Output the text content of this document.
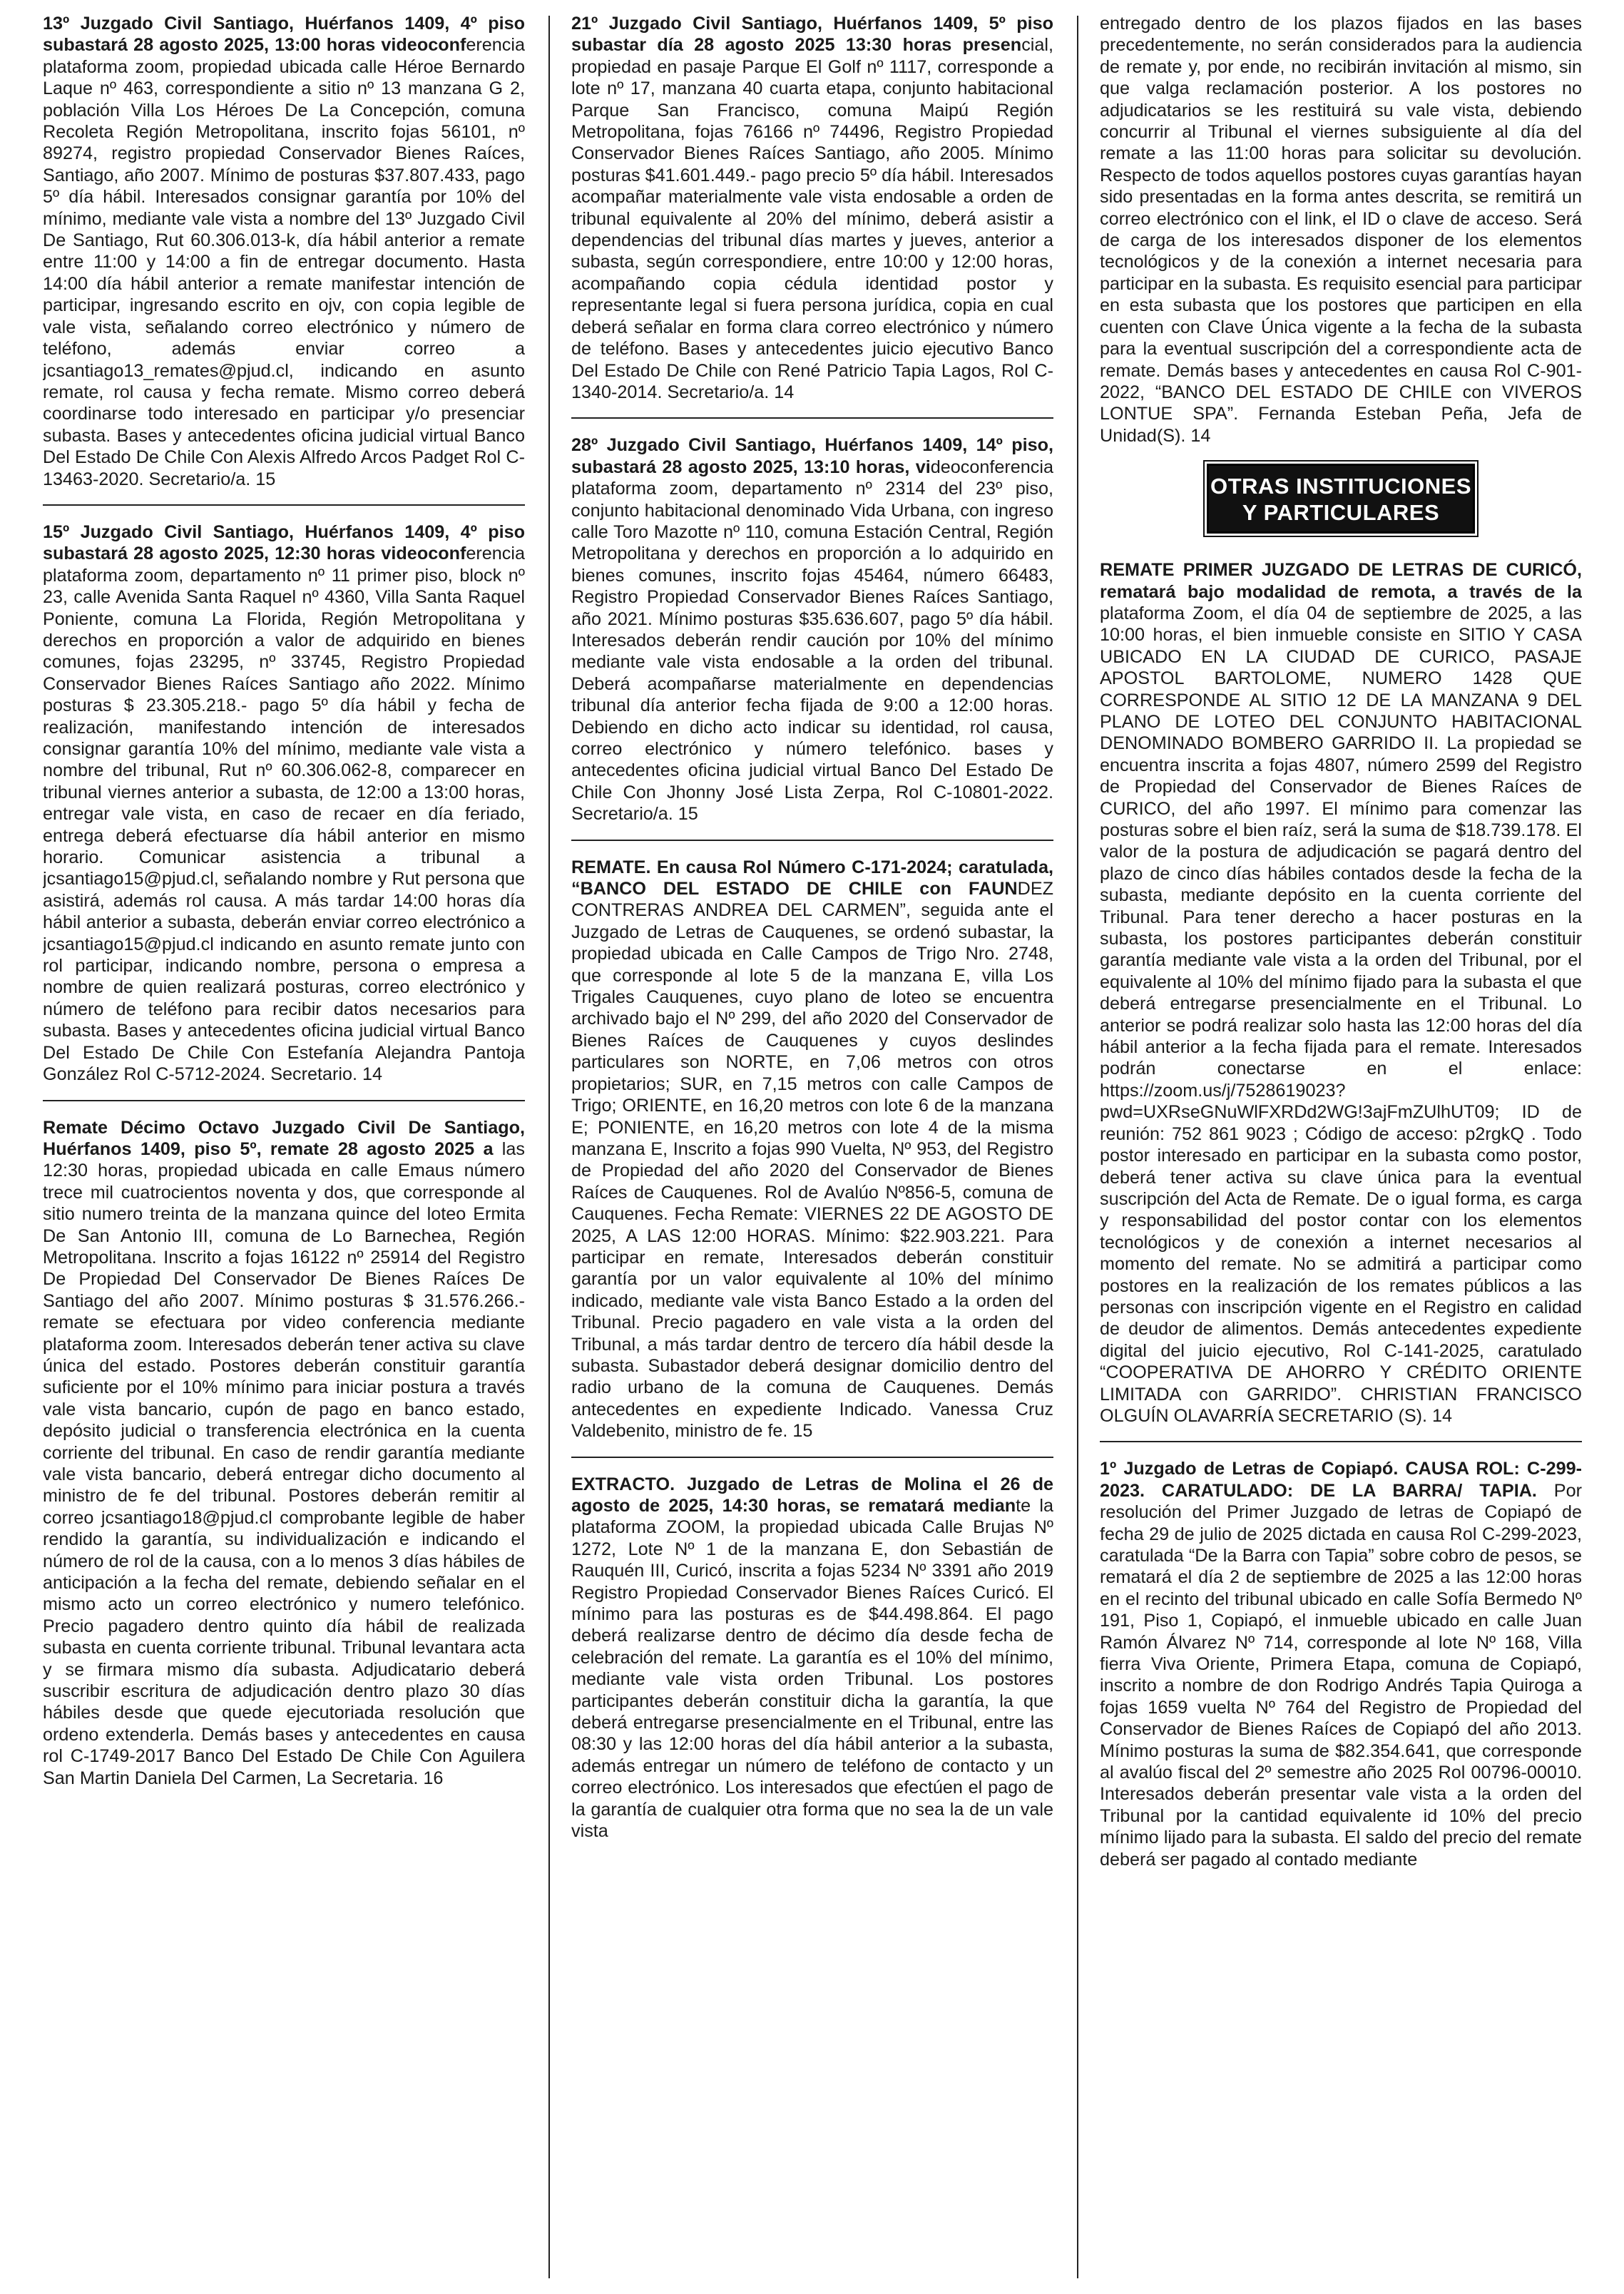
13º Juzgado Civil Santiago, Huérfanos 1409, 4º piso subastará 28 agosto 2025, 13:00 horas videoconferencia plataforma zoom, propiedad ubicada calle Héroe Bernardo Laque nº 463, correspondiente a sitio nº 13 manzana G 2, población Villa Los Héroes De La Concepción, comuna Recoleta Región Metropolitana, inscrito fojas 56101, nº 89274, registro propiedad Conservador Bienes Raíces, Santiago, año 2007. Mínimo de posturas $37.807.433, pago 5º día hábil. Interesados consignar garantía por 10% del mínimo, mediante vale vista a nombre del 13º Juzgado Civil De Santiago, Rut 60.306.013-k, día hábil anterior a remate entre 11:00 y 14:00 a fin de entregar documento. Hasta 14:00 día hábil anterior a remate manifestar intención de participar, ingresando escrito en ojv, con copia legible de vale vista, señalando correo electrónico y número de teléfono, además enviar correo a jcsantiago13_remates@pjud.cl, indicando en asunto remate, rol causa y fecha remate. Mismo correo deberá coordinarse todo interesado en participar y/o presenciar subasta. Bases y antecedentes oficina judicial virtual Banco Del Estado De Chile Con Alexis Alfredo Arcos Padget Rol C-13463-2020. Secretario/a. 15

15º Juzgado Civil Santiago, Huérfanos 1409, 4º piso subastará 28 agosto 2025, 12:30 horas videoconferencia plataforma zoom, departamento nº 11 primer piso, block nº 23, calle Avenida Santa Raquel nº 4360, Villa Santa Raquel Poniente, comuna La Florida, Región Metropolitana y derechos en proporción a valor de adquirido en bienes comunes, fojas 23295, nº 33745, Registro Propiedad Conservador Bienes Raíces Santiago año 2022. Mínimo posturas $ 23.305.218.- pago 5º día hábil y fecha de realización, manifestando intención de interesados consignar garantía 10% del mínimo, mediante vale vista a nombre del tribunal, Rut nº 60.306.062-8, comparecer en tribunal viernes anterior a subasta, de 12:00 a 13:00 horas, entregar vale vista, en caso de recaer en día feriado, entrega deberá efectuarse día hábil anterior en mismo horario. Comunicar asistencia a tribunal a jcsantiago15@pjud.cl, señalando nombre y Rut persona que asistirá, además rol causa. A más tardar 14:00 horas día hábil anterior a subasta, deberán enviar correo electrónico a jcsantiago15@pjud.cl indicando en asunto remate junto con rol participar, indicando nombre, persona o empresa a nombre de quien realizará posturas, correo electrónico y número de teléfono para recibir datos necesarios para subasta. Bases y antecedentes oficina judicial virtual Banco Del Estado De Chile Con Estefanía Alejandra Pantoja González Rol C-5712-2024. Secretario. 14

Remate Décimo Octavo Juzgado Civil De Santiago, Huérfanos 1409, piso 5º, remate 28 agosto 2025 a las 12:30 horas, propiedad ubicada en calle Emaus número trece mil cuatrocientos noventa y dos, que corresponde al sitio numero treinta de la manzana quince del loteo Ermita De San Antonio III, comuna de Lo Barnechea, Región Metropolitana. Inscrito a fojas 16122 nº 25914 del Registro De Propiedad Del Conservador De Bienes Raíces De Santiago del año 2007. Mínimo posturas $ 31.576.266.- remate se efectuara por video conferencia mediante plataforma zoom. Interesados deberán tener activa su clave única del estado. Postores deberán constituir garantía suficiente por el 10% mínimo para iniciar postura a través vale vista bancario, cupón de pago en banco estado, depósito judicial o transferencia electrónica en la cuenta corriente del tribunal. En caso de rendir garantía mediante vale vista bancario, deberá entregar dicho documento al ministro de fe del tribunal. Postores deberán remitir al correo jcsantiago18@pjud.cl comprobante legible de haber rendido la garantía, su individualización e indicando el número de rol de la causa, con a lo menos 3 días hábiles de anticipación a la fecha del remate, debiendo señalar en el mismo acto un correo electrónico y numero telefónico. Precio pagadero dentro quinto día hábil de realizada subasta en cuenta corriente tribunal. Tribunal levantara acta y se firmara mismo día subasta. Adjudicatario deberá suscribir escritura de adjudicación dentro plazo 30 días hábiles desde que quede ejecutoriada resolución que ordeno extenderla. Demás bases y antecedentes en causa rol C-1749-2017 Banco Del Estado De Chile Con Aguilera San Martin Daniela Del Carmen, La Secretaria. 16

21º Juzgado Civil Santiago, Huérfanos 1409, 5º piso subastar día 28 agosto 2025 13:30 horas presencial, propiedad en pasaje Parque El Golf nº 1117, corresponde a lote nº 17, manzana 40 cuarta etapa, conjunto habitacional Parque San Francisco, comuna Maipú Región Metropolitana, fojas 76166 nº 74496, Registro Propiedad Conservador Bienes Raíces Santiago, año 2005. Mínimo posturas $41.601.449.- pago precio 5º día hábil. Interesados acompañar materialmente vale vista endosable a orden de tribunal equivalente al 20% del mínimo, deberá asistir a dependencias del tribunal días martes y jueves, anterior a subasta, según correspondiere, entre 10:00 y 12:00 horas, acompañando copia cédula identidad postor y representante legal si fuera persona jurídica, copia en cual deberá señalar en forma clara correo electrónico y número de teléfono. Bases y antecedentes juicio ejecutivo Banco Del Estado De Chile con René Patricio Tapia Lagos, Rol C-1340-2014. Secretario/a. 14

28º Juzgado Civil Santiago, Huérfanos 1409, 14º piso, subastará 28 agosto 2025, 13:10 horas, videoconferencia plataforma zoom, departamento nº 2314 del 23º piso, conjunto habitacional denominado Vida Urbana, con ingreso calle Toro Mazotte nº 110, comuna Estación Central, Región Metropolitana y derechos en proporción a lo adquirido en bienes comunes, inscrito fojas 45464, número 66483, Registro Propiedad Conservador Bienes Raíces Santiago, año 2021. Mínimo posturas $35.636.607, pago 5º día hábil. Interesados deberán rendir caución por 10% del mínimo mediante vale vista endosable a la orden del tribunal. Deberá acompañarse materialmente en dependencias tribunal día anterior fecha fijada de 9:00 a 12:00 horas. Debiendo en dicho acto indicar su identidad, rol causa, correo electrónico y número telefónico. bases y antecedentes oficina judicial virtual Banco Del Estado De Chile Con Jhonny José Lista Zerpa, Rol C-10801-2022. Secretario/a. 15

REMATE. En causa Rol Número C-171-2024; caratulada, “BANCO DEL ESTADO DE CHILE con FAUNDEZ CONTRERAS ANDREA DEL CARMEN”, seguida ante el Juzgado de Letras de Cauquenes, se ordenó subastar, la propiedad ubicada en Calle Campos de Trigo Nro. 2748, que corresponde al lote 5 de la manzana E, villa Los Trigales Cauquenes, cuyo plano de loteo se encuentra archivado bajo el Nº 299, del año 2020 del Conservador de Bienes Raíces de Cauquenes y cuyos deslindes particulares son NORTE, en 7,06 metros con otros propietarios; SUR, en 7,15 metros con calle Campos de Trigo; ORIENTE, en 16,20 metros con lote 6 de la manzana E; PONIENTE, en 16,20 metros con lote 4 de la misma manzana E, Inscrito a fojas 990 Vuelta, Nº 953, del Registro de Propiedad del año 2020 del Conservador de Bienes Raíces de Cauquenes. Rol de Avalúo Nº856-5, comuna de Cauquenes. Fecha Remate: VIERNES 22 DE AGOSTO DE 2025, A LAS 12:00 HORAS. Mínimo: $22.903.221. Para participar en remate, Interesados deberán constituir garantía por un valor equivalente al 10% del mínimo indicado, mediante vale vista Banco Estado a la orden del Tribunal. Precio pagadero en vale vista a la orden del Tribunal, a más tardar dentro de tercero día hábil desde la subasta. Subastador deberá designar domicilio dentro del radio urbano de la comuna de Cauquenes. Demás antecedentes en expediente Indicado. Vanessa Cruz Valdebenito, ministro de fe. 15

EXTRACTO. Juzgado de Letras de Molina el 26 de agosto de 2025, 14:30 horas, se rematará mediante la plataforma ZOOM, la propiedad ubicada Calle Brujas Nº 1272, Lote Nº 1 de la manzana E, don Sebastián de Rauquén III, Curicó, inscrita a fojas 5234 Nº 3391 año 2019 Registro Propiedad Conservador Bienes Raíces Curicó. El mínimo para las posturas es de $44.498.864. El pago deberá realizarse dentro de décimo día desde fecha de celebración del remate. La garantía es el 10% del mínimo, mediante vale vista orden Tribunal. Los postores participantes deberán constituir dicha la garantía, la que deberá entregarse presencialmente en el Tribunal, entre las 08:30 y las 12:00 horas del día hábil anterior a la subasta, además entregar un número de teléfono de contacto y un correo electrónico. Los interesados que efectúen el pago de la garantía de cualquier otra forma que no sea la de un vale vista

entregado dentro de los plazos fijados en las bases precedentemente, no serán considerados para la audiencia de remate y, por ende, no recibirán invitación al mismo, sin que valga reclamación posterior. A los postores no adjudicatarios se les restituirá su vale vista, debiendo concurrir al Tribunal el viernes subsiguiente al día del remate a las 11:00 horas para solicitar su devolución. Respecto de todos aquellos postores cuyas garantías hayan sido presentadas en la forma antes descrita, se remitirá un correo electrónico con el link, el ID o clave de acceso. Será de carga de los interesados disponer de los elementos tecnológicos y de la conexión a internet necesaria para participar en la subasta. Es requisito esencial para participar en esta subasta que los postores que participen en ella cuenten con Clave Única vigente a la fecha de la subasta para la eventual suscripción del a correspondiente acta de remate. Demás bases y antecedentes en causa Rol C-901-2022, “BANCO DEL ESTADO DE CHILE con VIVEROS LONTUE SPA”. Fernanda Esteban Peña, Jefa de Unidad(S). 14

OTRAS INSTITUCIONES
Y PARTICULARES

REMATE PRIMER JUZGADO DE LETRAS DE CURICÓ, rematará bajo modalidad de remota, a través de la plataforma Zoom, el día 04 de septiembre de 2025, a las 10:00 horas, el bien inmueble consiste en SITIO Y CASA UBICADO EN LA CIUDAD DE CURICO, PASAJE APOSTOL BARTOLOME, NUMERO 1428 QUE CORRESPONDE AL SITIO 12 DE LA MANZANA 9 DEL PLANO DE LOTEO DEL CONJUNTO HABITACIONAL DENOMINADO BOMBERO GARRIDO II. La propiedad se encuentra inscrita a fojas 4807, número 2599 del Registro de Propiedad del Conservador de Bienes Raíces de CURICO, del año 1997. El mínimo para comenzar las posturas sobre el bien raíz, será la suma de $18.739.178. El valor de la postura de adjudicación se pagará dentro del plazo de cinco días hábiles contados desde la fecha de la subasta, mediante depósito en la cuenta corriente del Tribunal. Para tener derecho a hacer posturas en la subasta, los postores participantes deberán constituir garantía mediante vale vista a la orden del Tribunal, por el equivalente al 10% del mínimo fijado para la subasta el que deberá entregarse presencialmente en el Tribunal. Lo anterior se podrá realizar solo hasta las 12:00 horas del día hábil anterior a la fecha fijada para el remate. Interesados podrán conectarse en el enlace: https://zoom.us/j/7528619023?pwd=UXRseGNuWlFXRDd2WG!3ajFmZUlhUT09; ID de reunión: 752 861 9023 ; Código de acceso: p2rgkQ . Todo postor interesado en participar en la subasta como postor, deberá tener activa su clave única para la eventual suscripción del Acta de Remate. De o igual forma, es carga y responsabilidad del postor contar con los elementos tecnológicos y de conexión a internet necesarios al momento del remate. No se admitirá a participar como postores en la realización de los remates públicos a las personas con inscripción vigente en el Registro en calidad de deudor de alimentos. Demás antecedentes expediente digital del juicio ejecutivo, Rol C-141-2025, caratulado “COOPERATIVA DE AHORRO Y CRÉDITO ORIENTE LIMITADA con GARRIDO”. CHRISTIAN FRANCISCO OLGUÍN OLAVARRÍA SECRETARIO (S). 14

1º Juzgado de Letras de Copiapó. CAUSA ROL: C-299-2023. CARATULADO: DE LA BARRA/ TAPIA. Por resolución del Primer Juzgado de letras de Copiapó de fecha 29 de julio de 2025 dictada en causa Rol C-299-2023, caratulada “De la Barra con Tapia” sobre cobro de pesos, se rematará el día 2 de septiembre de 2025 a las 12:00 horas en el recinto del tribunal ubicado en calle Sofía Bermedo Nº 191, Piso 1, Copiapó, el inmueble ubicado en calle Juan Ramón Álvarez Nº 714, corresponde al lote Nº 168, Villa fierra Viva Oriente, Primera Etapa, comuna de Copiapó, inscrito a nombre de don Rodrigo Andrés Tapia Quiroga a fojas 1659 vuelta Nº 764 del Registro de Propiedad del Conservador de Bienes Raíces de Copiapó del año 2013. Mínimo posturas la suma de $82.354.641, que corresponde al avalúo fiscal del 2º semestre año 2025 Rol 00796-00010. Interesados deberán presentar vale vista a la orden del Tribunal por la cantidad equivalente id 10% del precio mínimo lijado para la subasta. El saldo del precio del remate deberá ser pagado al contado mediante
